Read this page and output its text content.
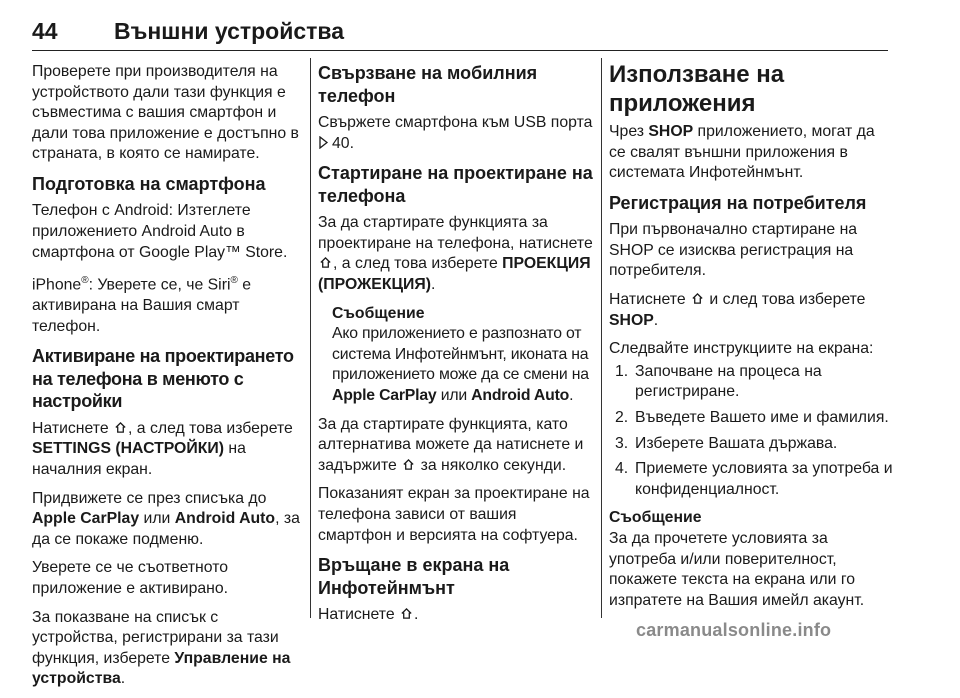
44 Външни устройства

Проверете при производителя на устройството дали тази функция е съвместима с вашия смартфон и дали това приложение е достъпно в страната, в която се намирате.

Подготовка на смартфона

Телефон с Android: Изтеглете приложението Android Auto в смартфона от Google Play™ Store.

iPhone®: Уверете се, че Siri® е активирана на Вашия смарт телефон.

Активиране на проектирането на телефона в менюто с настройки

Натиснете , а след това изберете SETTINGS (НАСТРОЙКИ) на началния екран.

Придвижете се през списъка до Apple CarPlay или Android Auto, за да се покаже подменю.

Уверете се че съответното приложение е активирано.

За показване на списък с устройства, регистрирани за тази функция, изберете Управление на устройства.

Свързване на мобилния телефон

Свържете смартфона към USB порта 40.

Стартиране на проектиране на телефона

За да стартирате функцията за проектиране на телефона, натиснете , а след това изберете ПРОЕКЦИЯ (ПРОЖЕКЦИЯ).

Съобщение
Ако приложението е разпознато от система Инфотейнмънт, иконата на приложението може да се смени на Apple CarPlay или Android Auto.

За да стартирате функцията, като алтернатива можете да натиснете и задържите  за няколко секунди.

Показаният екран за проектиране на телефона зависи от вашия смартфон и версията на софтуера.

Връщане в екрана на Инфотейнмънт

Натиснете .

Използване на приложения

Чрез SHOP приложението, могат да се свалят външни приложения в системата Инфотейнмънт.

Регистрация на потребителя

При първоначално стартиране на SHOP се изисква регистрация на потребителя.

Натиснете  и след това изберете SHOP.

Следвайте инструкциите на екрана:

1. Започване на процеса на регистриране.
2. Въведете Вашето име и фамилия.
3. Изберете Вашата държава.
4. Приемете условията за употреба и конфиденциалност.
Съобщение
За да прочетете условията за употреба и/или поверителност, покажете текста на екрана или го изпратете на Вашия имейл акаунт.
carmanualsonline.info
